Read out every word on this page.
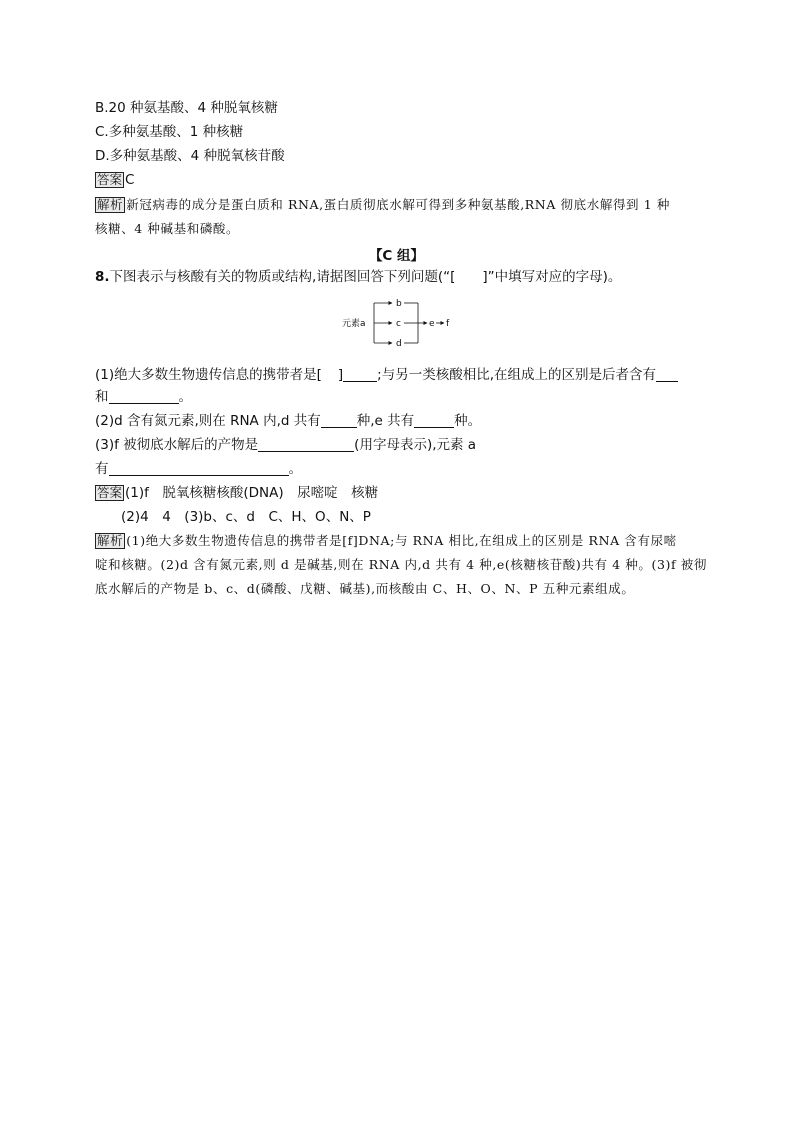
B.20 种氨基酸、4 种脱氧核糖
C.多种氨基酸、1 种核糖
D.多种氨基酸、4 种脱氧核苷酸
答案 C
解析 新冠病毒的成分是蛋白质和 RNA,蛋白质彻底水解可得到多种氨基酸,RNA 彻底水解得到 1 种
核糖、4 种碱基和磷酸。
【C 组】
8.下图表示与核酸有关的物质或结构,请据图回答下列问题(“[　　]”中填写对应的字母)。
元素a
b
c
d
e f
(1)绝大多数生物遗传信息的携带者是[ ]	;与另一类核酸相比,在组成上的区别是后者含有
和	。
(2)d 含有氮元素,则在 RNA 内,d 共有	种,e 共有	种。
(3)f 被彻底水解后的产物是	(用字母表示),元素 a
有	。
答案 (1)f　脱氧核糖核酸(DNA)　尿嘧啶　核糖
(2)4　4　(3)b、c、d　C、H、O、N、P
解析 (1)绝大多数生物遗传信息的携带者是[f]DNA;与 RNA 相比,在组成上的区别是 RNA 含有尿嘧
啶和核糖。(2)d 含有氮元素,则 d 是碱基,则在 RNA 内,d 共有 4 种,e(核糖核苷酸)共有 4 种。(3)f 被彻
底水解后的产物是 b、c、d(磷酸、戊糖、碱基),而核酸由 C、H、O、N、P 五种元素组成。
